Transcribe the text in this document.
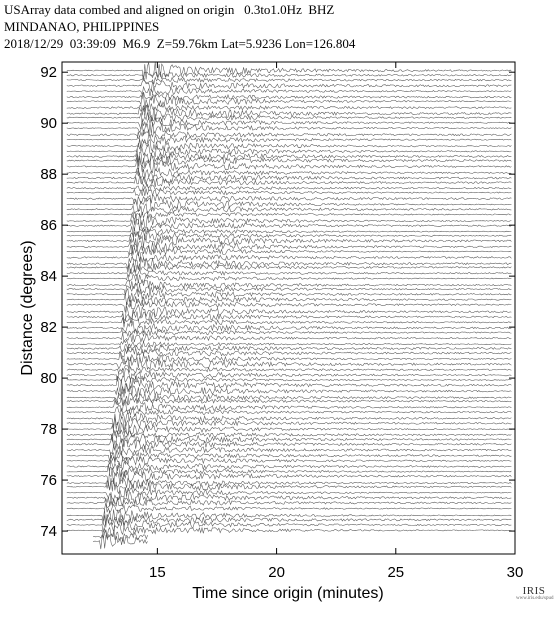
USArray data combed and aligned on origin   0.3to1.0Hz  BHZ
MINDANAO, PHILIPPINES
2018/12/29  03:39:09  M6.9  Z=59.76km Lat=5.9236 Lon=126.804
15	20	25	30
74
76
78
80
82
84
86
88
90
92
Time since origin (minutes)
Distance (degrees)
IRIS
www.iris.edu/spud
